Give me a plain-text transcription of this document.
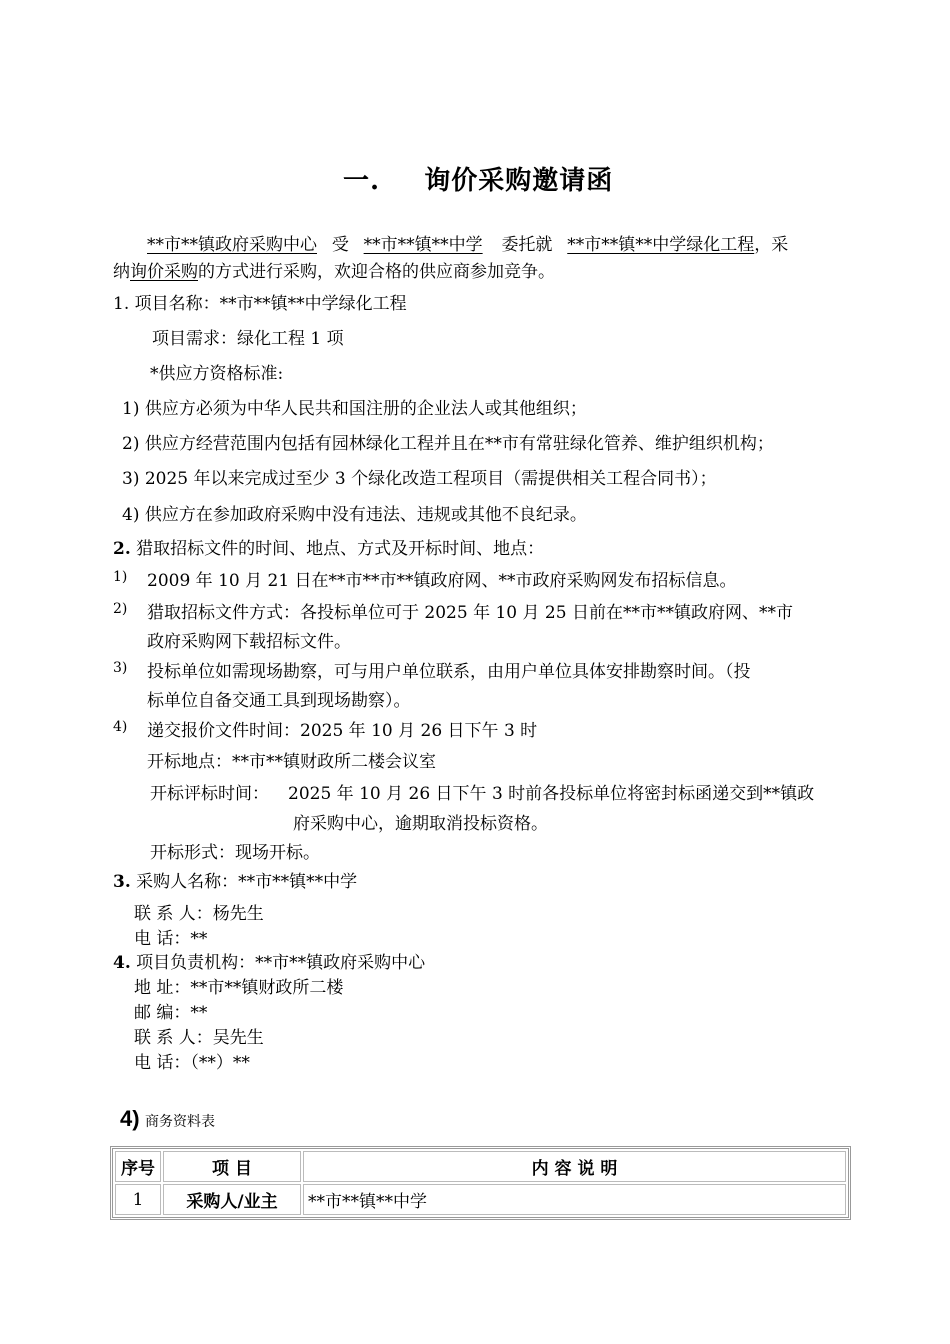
一. 询价采购邀请函
**市**镇政府采购中心 受 **市**镇**中学 委托就 **市**镇**中学绿化工程，采
纳询价采购的方式进行采购，欢迎合格的供应商参加竞争。
1. 项目名称：**市**镇**中学绿化工程
项目需求：绿化工程 1 项
*供应方资格标准:
1) 供应方必须为中华人民共和国注册的企业法人或其他组织；
2) 供应方经营范围内包括有园林绿化工程并且在**市有常驻绿化管养、维护组织机构；
3) 2025 年以来完成过至少 3 个绿化改造工程项目（需提供相关工程合同书）；
4) 供应方在参加政府采购中没有违法、违规或其他不良纪录。
2. 猎取招标文件的时间、地点、方式及开标时间、地点：
1) 2009 年 10 月 21 日在**市**市**镇政府网、**市政府采购网发布招标信息。
2) 猎取招标文件方式：各投标单位可于 2025 年 10 月 25 日前在**市**镇政府网、**市
政府采购网下载招标文件。
3) 投标单位如需现场勘察，可与用户单位联系，由用户单位具体安排勘察时间。（投
标单位自备交通工具到现场勘察）。
4) 递交报价文件时间：2025 年 10 月 26 日下午 3 时
开标地点：**市**镇财政所二楼会议室
开标评标时间： 2025 年 10 月 26 日下午 3 时前各投标单位将密封标函递交到**镇政
府采购中心，逾期取消投标资格。
开标形式：现场开标。
3. 采购人名称：**市**镇**中学
联 系 人：杨先生
电 话：**
4. 项目负责机构：**市**镇政府采购中心
地 址：**市**镇财政所二楼
邮 编：**
联 系 人：吴先生
电 话：（**）**
4) 商务资料表
序号	项 目	内 容 说 明
1	采购人/业主	**市**镇**中学
